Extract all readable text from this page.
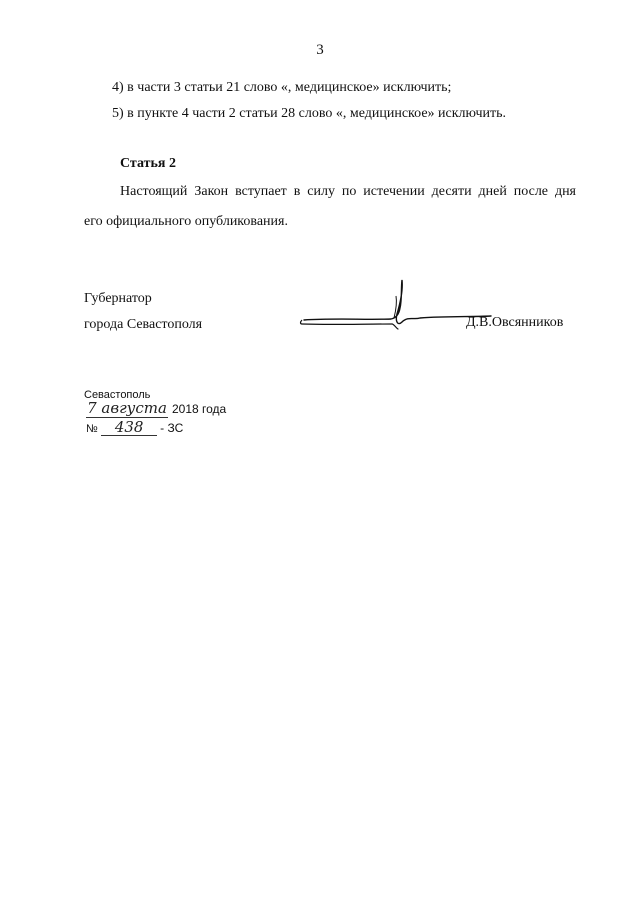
3
4) в части 3 статьи 21 слово «, медицинское» исключить;
5) в пункте 4 части 2 статьи 28 слово «, медицинское» исключить.
Статья 2
Настоящий Закон вступает в силу по истечении десяти дней после дня
его официального опубликования.
Губернатор
города Севастополя	Д.В.Овсянников
Севастополь
7 августа 2018 года
№ 438 - ЗС
